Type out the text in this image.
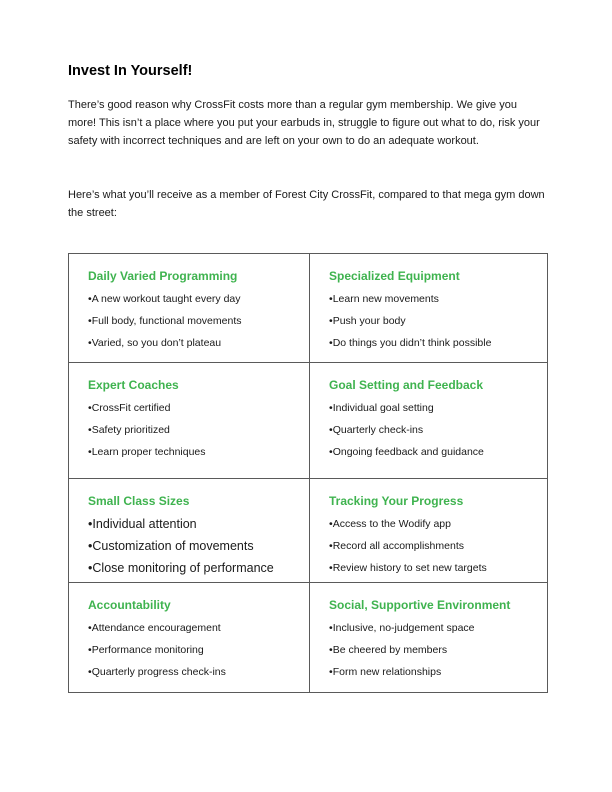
Invest In Yourself!

There’s good reason why CrossFit costs more than a regular gym membership. We give you more! This isn’t a place where you put your earbuds in, struggle to figure out what to do, risk your safety with incorrect techniques and are left on your own to do an adequate workout.

Here’s what you’ll receive as a member of Forest City CrossFit, compared to that mega gym down the street:

Daily Varied Programming
• A new workout taught every day
• Full body, functional movements
• Varied, so you don’t plateau
Specialized Equipment
• Learn new movements
• Push your body
• Do things you didn’t think possible
Expert Coaches
• CrossFit certified
• Safety prioritized
• Learn proper techniques
Goal Setting and Feedback
• Individual goal setting
• Quarterly check-ins
• Ongoing feedback and guidance
Small Class Sizes
• Individual attention
• Customization of movements
• Close monitoring of performance
Tracking Your Progress
• Access to the Wodify app
• Record all accomplishments
• Review history to set new targets
Accountability
• Attendance encouragement
• Performance monitoring
• Quarterly progress check-ins
Social, Supportive Environment
• Inclusive, no-judgement space
• Be cheered by members
• Form new relationships
